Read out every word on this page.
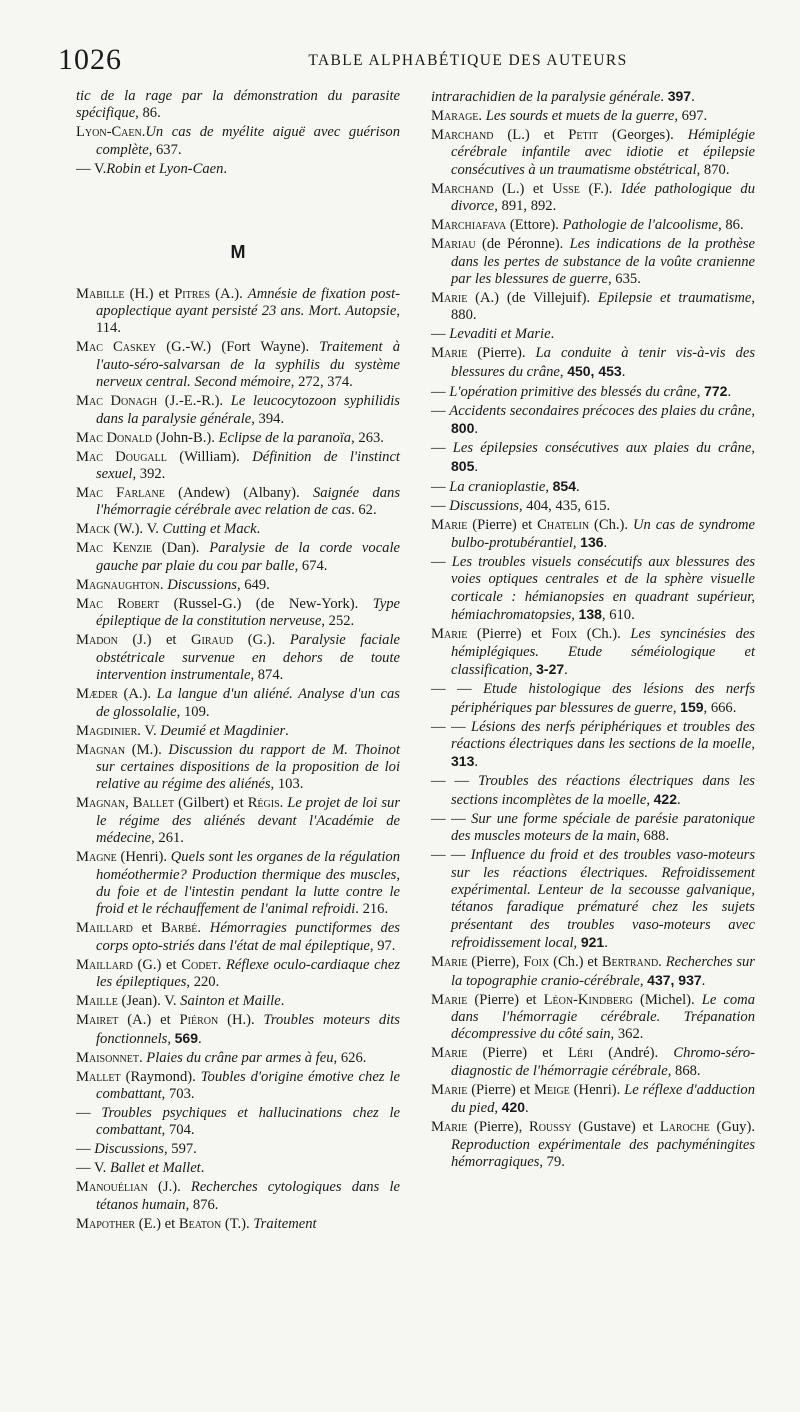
1026	TABLE ALPHABÉTIQUE DES AUTEURS

tic de la rage par la démonstration du parasite spécifique, 86.

Lyon-Caen.Un cas de myélite aiguë avec guérison complète, 637.

— V.Robin et Lyon-Caen.

M

Mabille (H.) et Pitres (A.). Amnésie de fixation post-apoplectique ayant persisté 23 ans. Mort. Autopsie, 114.

Mac Caskey (G.-W.) (Fort Wayne). Traitement à l'auto-séro-salvarsan de la syphilis du système nerveux central. Second mémoire, 272, 374.

Mac Donagh (J.-E.-R.). Le leucocytozoon syphilidis dans la paralysie générale, 394.

Mac Donald (John-B.). Eclipse de la paranoïa, 263.

Mac Dougall (William). Définition de l'instinct sexuel, 392.

Mac Farlane (Andew) (Albany). Saignée dans l'hémorragie cérébrale avec relation de cas. 62.

Mack (W.). V. Cutting et Mack.

Mac Kenzie (Dan). Paralysie de la corde vocale gauche par plaie du cou par balle, 674.

Magnaughton. Discussions, 649.

Mac Robert (Russel-G.) (de New-York). Type épileptique de la constitution nerveuse, 252.

Madon (J.) et Giraud (G.). Paralysie faciale obstétricale survenue en dehors de toute intervention instrumentale, 874.

Mæder (A.). La langue d'un aliéné. Analyse d'un cas de glossolalie, 109.

Magdinier. V. Deumié et Magdinier.

Magnan (M.). Discussion du rapport de M. Thoinot sur certaines dispositions de la proposition de loi relative au régime des aliénés, 103.

Magnan, Ballet (Gilbert) et Régis. Le projet de loi sur le régime des aliénés devant l'Académie de médecine, 261.

Magne (Henri). Quels sont les organes de la régulation homéothermie? Production thermique des muscles, du foie et de l'intestin pendant la lutte contre le froid et le réchauffement de l'animal refroidi. 216.

Maillard et Barbé. Hémorragies punctiformes des corps opto-striés dans l'état de mal épileptique, 97.

Maillard (G.) et Codet. Réflexe oculo-cardiaque chez les épileptiques, 220.

Maille (Jean). V. Sainton et Maille.

Mairet (A.) et Piéron (H.). Troubles moteurs dits fonctionnels, 569.

Maisonnet. Plaies du crâne par armes à feu, 626.

Mallet (Raymond). Toubles d'origine émotive chez le combattant, 703.

— Troubles psychiques et hallucinations chez le combattant, 704.

— Discussions, 597.

— V. Ballet et Mallet.

Manouélian (J.). Recherches cytologiques dans le tétanos humain, 876.

Mapother (E.) et Beaton (T.). Traitement

intrarachidien de la paralysie générale. 397.

Marage. Les sourds et muets de la guerre, 697.

Marchand (L.) et Petit (Georges). Hémiplégie cérébrale infantile avec idiotie et épilepsie consécutives à un traumatisme obstétrical, 870.

Marchand (L.) et Usse (F.). Idée pathologique du divorce, 891, 892.

Marchiafava (Ettore). Pathologie de l'alcoolisme, 86.

Mariau (de Péronne). Les indications de la prothèse dans les pertes de substance de la voûte cranienne par les blessures de guerre, 635.

Marie (A.) (de Villejuif). Epilepsie et traumatisme, 880.

— Levaditi et Marie.

Marie (Pierre). La conduite à tenir vis-à-vis des blessures du crâne, 450, 453.

— L'opération primitive des blessés du crâne, 772.

— Accidents secondaires précoces des plaies du crâne, 800.

— Les épilepsies consécutives aux plaies du crâne, 805.

— La cranioplastie, 854.

— Discussions, 404, 435, 615.

Marie (Pierre) et Chatelin (Ch.). Un cas de syndrome bulbo-protubérantiel, 136.

— Les troubles visuels consécutifs aux blessures des voies optiques centrales et de la sphère visuelle corticale : hémianopsies en quadrant supérieur, hémiachromatopsies, 138, 610.

Marie (Pierre) et Foix (Ch.). Les syncinésies des hémiplégiques. Etude séméiologique et classification, 3-27.

— — Etude histologique des lésions des nerfs périphériques par blessures de guerre, 159, 666.

— — Lésions des nerfs périphériques et troubles des réactions électriques dans les sections de la moelle, 313.

— — Troubles des réactions électriques dans les sections incomplètes de la moelle, 422.

— — Sur une forme spéciale de parésie paratonique des muscles moteurs de la main, 688.

— — Influence du froid et des troubles vaso-moteurs sur les réactions électriques. Refroidissement expérimental. Lenteur de la secousse galvanique, tétanos faradique prématuré chez les sujets présentant des troubles vaso-moteurs avec refroidissement local, 921.

Marie (Pierre), Foix (Ch.) et Bertrand. Recherches sur la topographie cranio-cérébrale, 437, 937.

Marie (Pierre) et Léon-Kindberg (Michel). Le coma dans l'hémorragie cérébrale. Trépanation décompressive du côté sain, 362.

Marie (Pierre) et Léri (André). Chromo-séro-diagnostic de l'hémorragie cérébrale, 868.

Marie (Pierre) et Meige (Henri). Le réflexe d'adduction du pied, 420.

Marie (Pierre), Roussy (Gustave) et Laroche (Guy). Reproduction expérimentale des pachyméningites hémorragiques, 79.
